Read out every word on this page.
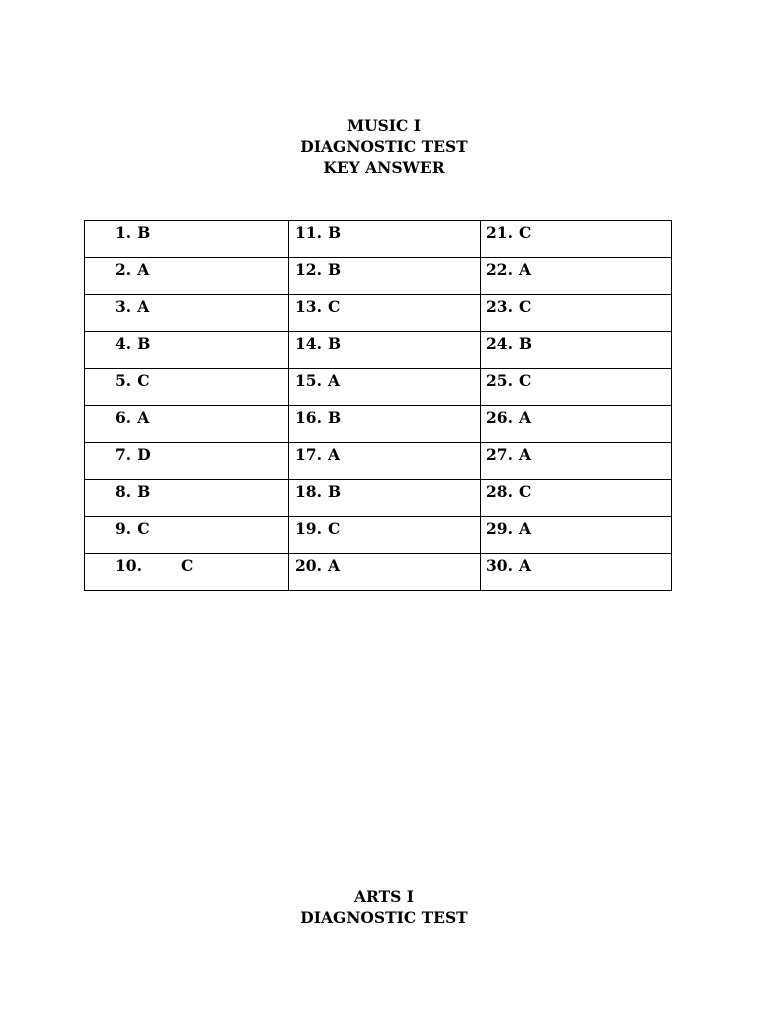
MUSIC I
DIAGNOSTIC TEST
KEY ANSWER
1. B	11. B	21. C

2. A	12. B	22. A

3. A	13. C	23. C

4. B	14. B	24. B

5. C	15. A	25. C

6. A	16. B	26. A

7. D	17. A	27. A

8. B	18. B	28. C

9. C	19. C	29. A

10. C	20. A	30. A
ARTS I
DIAGNOSTIC TEST
